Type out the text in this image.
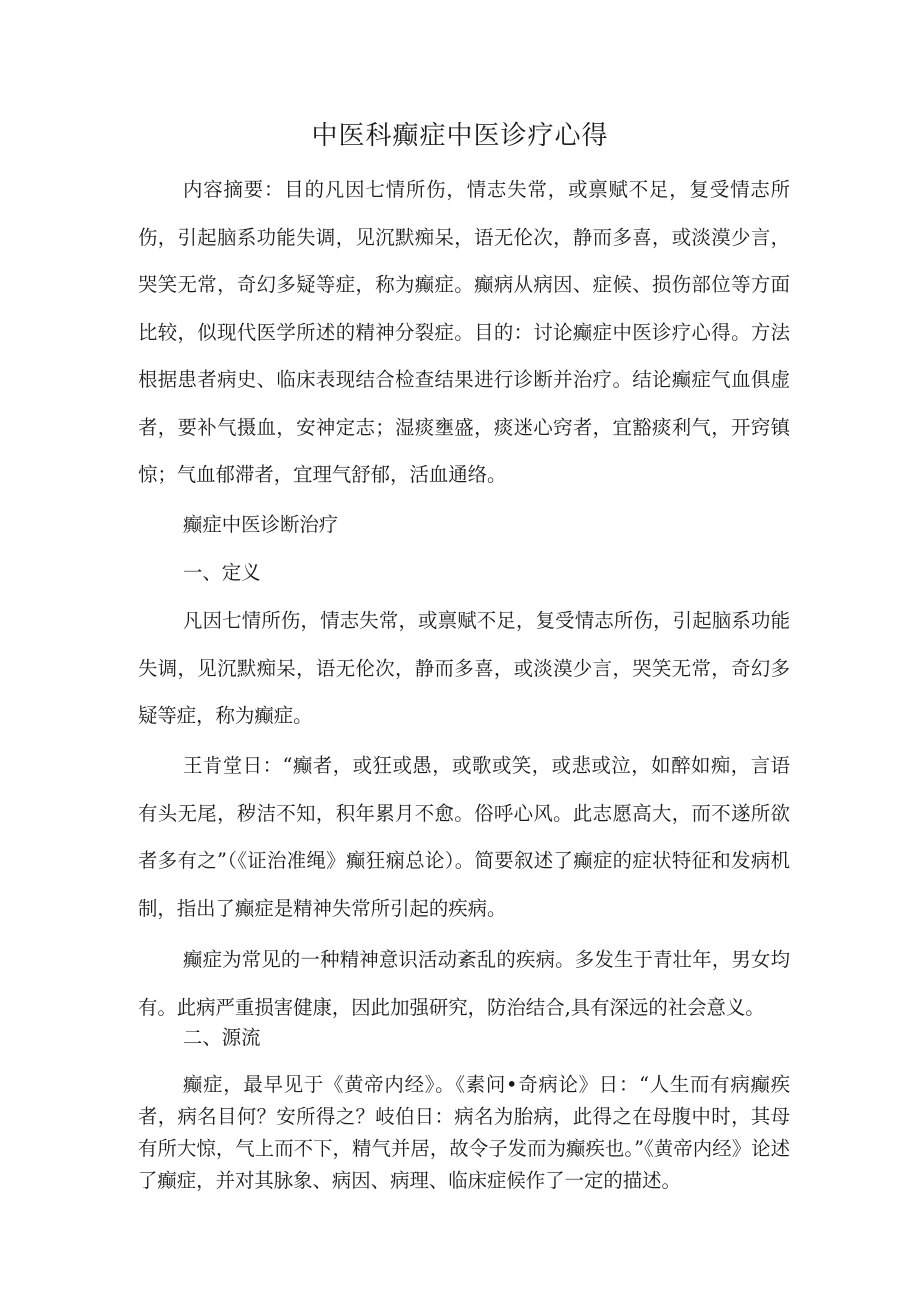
中医科癫症中医诊疗心得

内容摘要：目的凡因七情所伤，情志失常，或禀赋不足，复受情志所伤，引起脑系功能失调，见沉默痴呆，语无伦次，静而多喜，或淡漠少言，哭笑无常，奇幻多疑等症，称为癫症。癫病从病因、症候、损伤部位等方面比较，似现代医学所述的精神分裂症。目的：讨论癫症中医诊疗心得。方法根据患者病史、临床表现结合检查结果进行诊断并治疗。结论癫症气血俱虚者，要补气摄血，安神定志；湿痰壅盛，痰迷心窍者，宜豁痰利气，开窍镇惊；气血郁滞者，宜理气舒郁，活血通络。

癫症中医诊断治疗

一、定义

凡因七情所伤，情志失常，或禀赋不足，复受情志所伤，引起脑系功能失调，见沉默痴呆，语无伦次，静而多喜，或淡漠少言，哭笑无常，奇幻多疑等症，称为癫症。

王肯堂日：“癫者，或狂或愚，或歌或笑，或悲或泣，如醉如痴，言语有头无尾，秽洁不知，积年累月不愈。俗呼心风。此志愿高大，而不遂所欲者多有之”（《证治准绳》癫狂痫总论）。简要叙述了癫症的症状特征和发病机制，指出了癫症是精神失常所引起的疾病。

癫症为常见的一种精神意识活动紊乱的疾病。多发生于青壮年，男女均有。此病严重损害健康，因此加强研究，防治结合,具有深远的社会意义。

二、源流

癫症，最早见于《黄帝内经》。《素问•奇病论》日：“人生而有病癫疾者，病名目何？安所得之？岐伯日：病名为胎病，此得之在母腹中时，其母有所大惊，气上而不下，精气并居，故令子发而为癫疾也。”《黄帝内经》论述了癫症，并对其脉象、病因、病理、临床症候作了一定的描述。
